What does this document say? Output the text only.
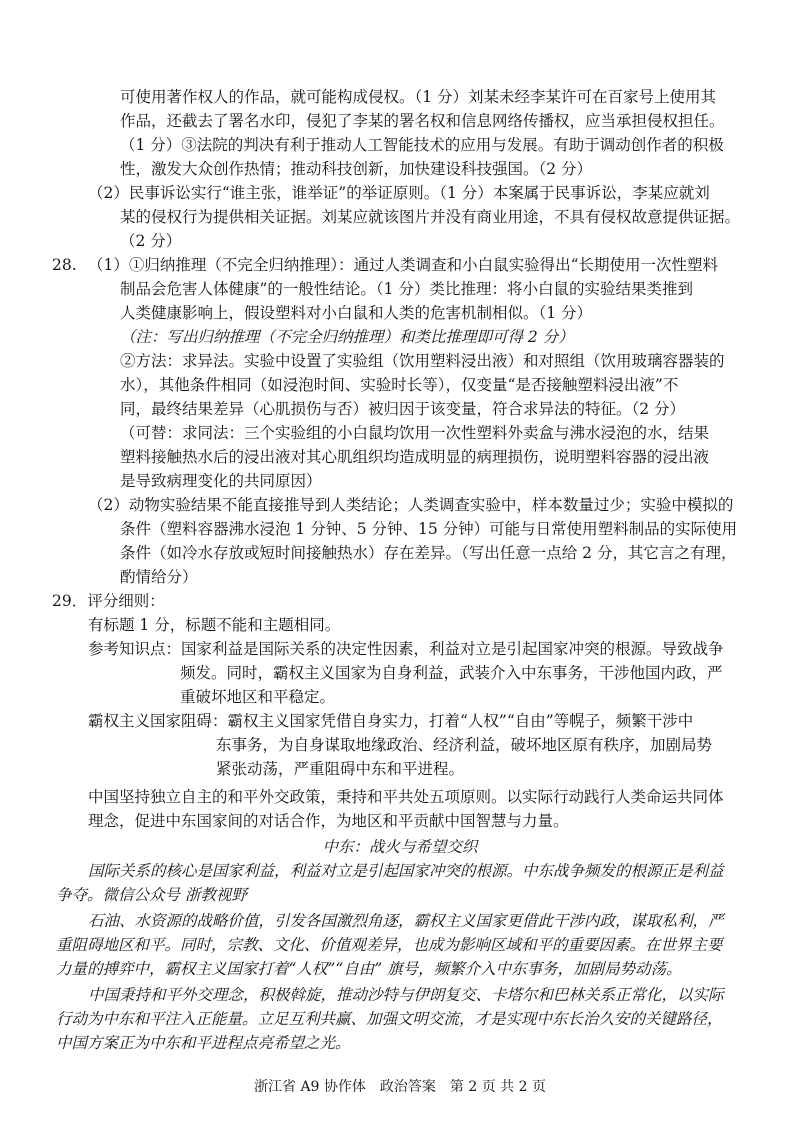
可使用著作权人的作品，就可能构成侵权。（1 分）刘某未经李某许可在百家号上使用其
作品，还截去了署名水印，侵犯了李某的署名权和信息网络传播权，应当承担侵权担任。
（1 分）③法院的判决有利于推动人工智能技术的应用与发展。有助于调动创作者的积极
性，激发大众创作热情；推动科技创新，加快建设科技强国。（2 分）
（2）民事诉讼实行“谁主张，谁举证”的举证原则。（1 分）本案属于民事诉讼，李某应就刘
某的侵权行为提供相关证据。刘某应就该图片并没有商业用途，不具有侵权故意提供证据。
（2 分）
28. （1）①归纳推理（不完全归纳推理）：通过人类调查和小白鼠实验得出“长期使用一次性塑料
制品会危害人体健康”的一般性结论。（1 分）类比推理：将小白鼠的实验结果类推到
人类健康影响上，假设塑料对小白鼠和人类的危害机制相似。（1 分）
（注：写出归纳推理（不完全归纳推理）和类比推理即可得 2 分）
②方法：求异法。实验中设置了实验组（饮用塑料浸出液）和对照组（饮用玻璃容器装的
水），其他条件相同（如浸泡时间、实验时长等），仅变量“是否接触塑料浸出液”不
同，最终结果差异（心肌损伤与否）被归因于该变量，符合求异法的特征。（2 分）
（可替：求同法：三个实验组的小白鼠均饮用一次性塑料外卖盒与沸水浸泡的水，结果
塑料接触热水后的浸出液对其心肌组织均造成明显的病理损伤，说明塑料容器的浸出液
是导致病理变化的共同原因）
（2）动物实验结果不能直接推导到人类结论；人类调查实验中，样本数量过少；实验中模拟的
条件（塑料容器沸水浸泡 1 分钟、5 分钟、15 分钟）可能与日常使用塑料制品的实际使用
条件（如冷水存放或短时间接触热水）存在差异。（写出任意一点给 2 分，其它言之有理，
酌情给分）
29．评分细则：
有标题 1 分，标题不能和主题相同。
参考知识点：国家利益是国际关系的决定性因素，利益对立是引起国家冲突的根源。导致战争
频发。同时，霸权主义国家为自身利益，武装介入中东事务，干涉他国内政，严
重破坏地区和平稳定。
霸权主义国家阻碍：霸权主义国家凭借自身实力，打着“人权”“自由”等幌子，频繁干涉中
东事务，为自身谋取地缘政治、经济利益，破坏地区原有秩序，加剧局势
紧张动荡，严重阻碍中东和平进程。
中国坚持独立自主的和平外交政策，秉持和平共处五项原则。以实际行动践行人类命运共同体
理念，促进中东国家间的对话合作，为地区和平贡献中国智慧与力量。
中东：战火与希望交织
国际关系的核心是国家利益，利益对立是引起国家冲突的根源。中东战争频发的根源正是利益
争夺。微信公众号 浙教视野
石油、水资源的战略价值，引发各国激烈角逐，霸权主义国家更借此干涉内政，谋取私利，严
重阻碍地区和平。同时，宗教、文化、价值观差异，也成为影响区域和平的重要因素。在世界主要
力量的搏弈中，霸权主义国家打着“人权”“自由” 旗号，频繁介入中东事务，加剧局势动荡。
中国秉持和平外交理念，积极斡旋，推动沙特与伊朗复交、卡塔尔和巴林关系正常化，以实际
行动为中东和平注入正能量。立足互利共赢、加强文明交流，才是实现中东长治久安的关键路径，
中国方案正为中东和平进程点亮希望之光。
浙江省 A9 协作体　政治答案　第 2 页 共 2 页
